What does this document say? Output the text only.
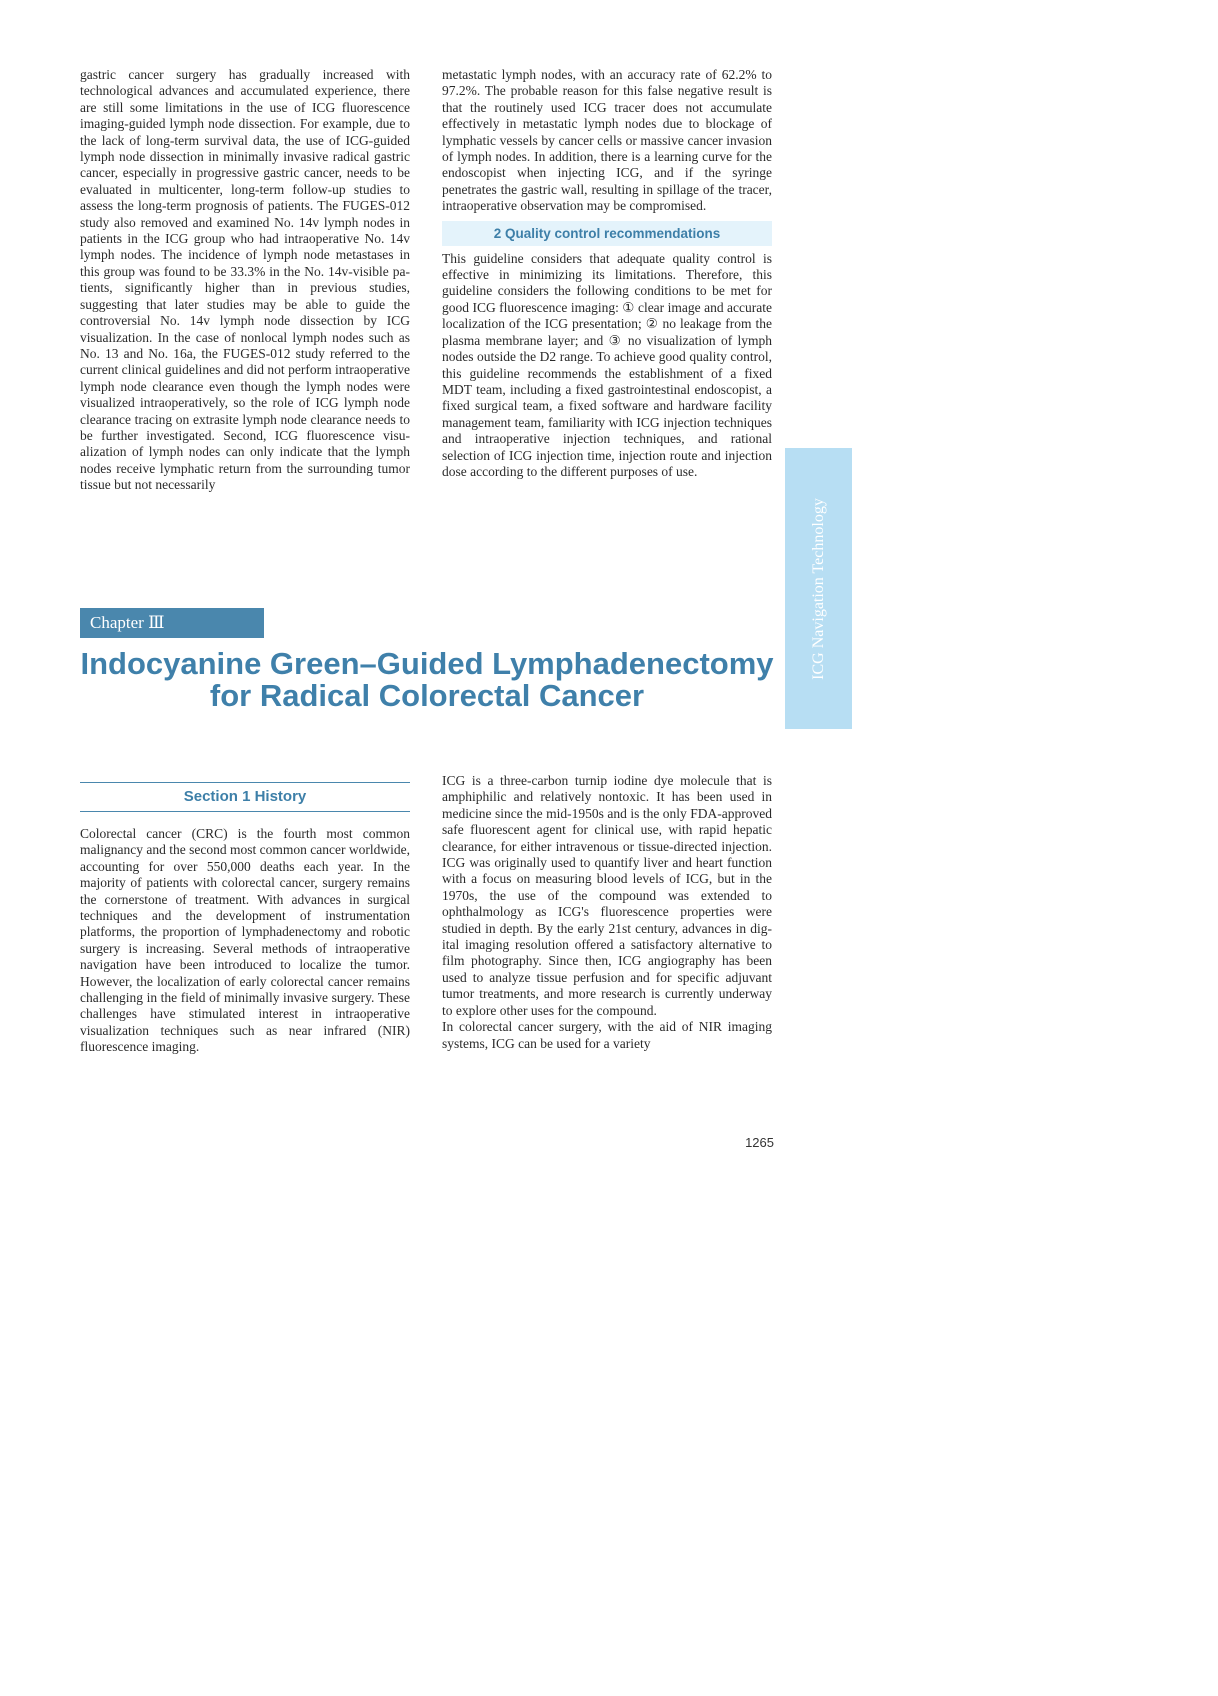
gastric cancer surgery has gradually increased with technological advances and accumulated experience, there are still some limitations in the use of ICG fluorescence imaging-guided lymph node dissection. For example, due to the lack of long-term survival data, the use of ICG-guided lymph node dissection in minimally invasive radical gastric cancer, especially in progressive gastric cancer, needs to be evaluated in multicenter, long-term follow-up studies to assess the long-term prognosis of patients. The FUGES-012 study also removed and examined No. 14v lymph nodes in patients in the ICG group who had intraoperative No. 14v lymph nodes. The incidence of lymph node metastases in this group was found to be 33.3% in the No. 14v-visible patients, significantly higher than in previous studies, suggesting that later studies may be able to guide the controversial No. 14v lymph node dissection by ICG visualization. In the case of nonlocal lymph nodes such as No. 13 and No. 16a, the FUGES-012 study referred to the current clinical guidelines and did not perform intraoperative lymph node clearance even though the lymph nodes were visualized intraoperatively, so the role of ICG lymph node clearance tracing on extrasite lymph node clearance needs to be further investigated. Second, ICG fluorescence visualization of lymph nodes can only indicate that the lymph nodes receive lymphatic return from the surrounding tumor tissue but not necessarily

metastatic lymph nodes, with an accuracy rate of 62.2% to 97.2%. The probable reason for this false negative result is that the routinely used ICG tracer does not accumulate effectively in metastatic lymph nodes due to blockage of lymphatic vessels by cancer cells or massive cancer invasion of lymph nodes. In addition, there is a learning curve for the endoscopist when injecting ICG, and if the syringe penetrates the gastric wall, resulting in spillage of the tracer, intraoperative observation may be compromised.

2 Quality control recommendations

This guideline considers that adequate quality control is effective in minimizing its limitations. Therefore, this guideline considers the following conditions to be met for good ICG fluorescence imaging: ① clear image and accurate localization of the ICG presentation; ② no leakage from the plasma membrane layer; and ③ no visualization of lymph nodes outside the D2 range. To achieve good quality control, this guideline recommends the establishment of a fixed MDT team, including a fixed gastrointestinal endoscopist, a fixed surgical team, a fixed software and hardware facility management team, familiarity with ICG injection techniques and intraoperative injection techniques, and rational selection of ICG injection time, injection route and injection dose according to the different purposes of use.

ICG Navigation Technology
Chapter Ⅲ
Indocyanine Green–Guided Lymphadenectomy for Radical Colorectal Cancer
Section 1 History

Colorectal cancer (CRC) is the fourth most common malignancy and the second most common cancer worldwide, accounting for over 550,000 deaths each year. In the majority of patients with colorectal cancer, surgery remains the cornerstone of treatment. With advances in surgical techniques and the development of instrumentation platforms, the proportion of lymphadenectomy and robotic surgery is increasing. Several methods of intraoperative navigation have been introduced to localize the tumor. However, the localization of early colorectal cancer remains challenging in the field of minimally invasive surgery. These challenges have stimulated interest in intraoperative visualization techniques such as near infrared (NIR) fluorescence imaging.

ICG is a three-carbon turnip iodine dye molecule that is amphiphilic and relatively nontoxic. It has been used in medicine since the mid-1950s and is the only FDA-approved safe fluorescent agent for clinical use, with rapid hepatic clearance, for either intravenous or tissue-directed injection. ICG was originally used to quantify liver and heart function with a focus on measuring blood levels of ICG, but in the 1970s, the use of the compound was extended to ophthalmology as ICG's fluorescence properties were studied in depth. By the early 21st century, advances in digital imaging resolution offered a satisfactory alternative to film photography. Since then, ICG angiography has been used to analyze tissue perfusion and for specific adjuvant tumor treatments, and more research is currently underway to explore other uses for the compound.

In colorectal cancer surgery, with the aid of NIR imaging systems, ICG can be used for a variety

1265
